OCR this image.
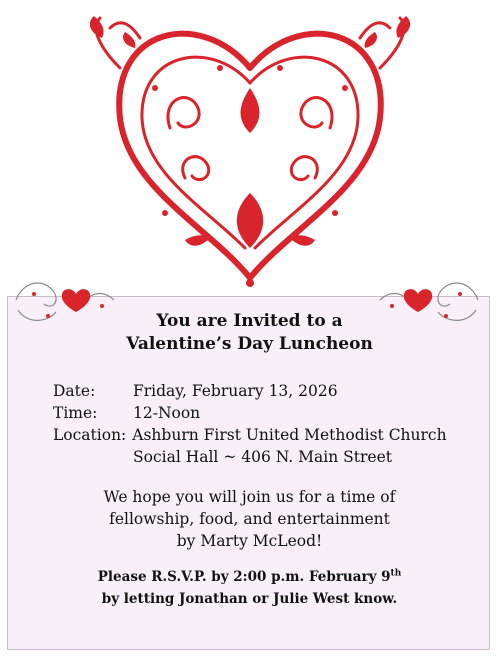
You are Invited to a
Valentine’s Day Luncheon
Date:	Friday, February 13, 2026
Time:	12-Noon
Location: Ashburn First United Methodist Church
Social Hall ~ 406 N. Main Street
We hope you will join us for a time of
fellowship, food, and entertainment
by Marty McLeod!
Please R.S.V.P. by 2:00 p.m. February 9th
by letting Jonathan or Julie West know.
